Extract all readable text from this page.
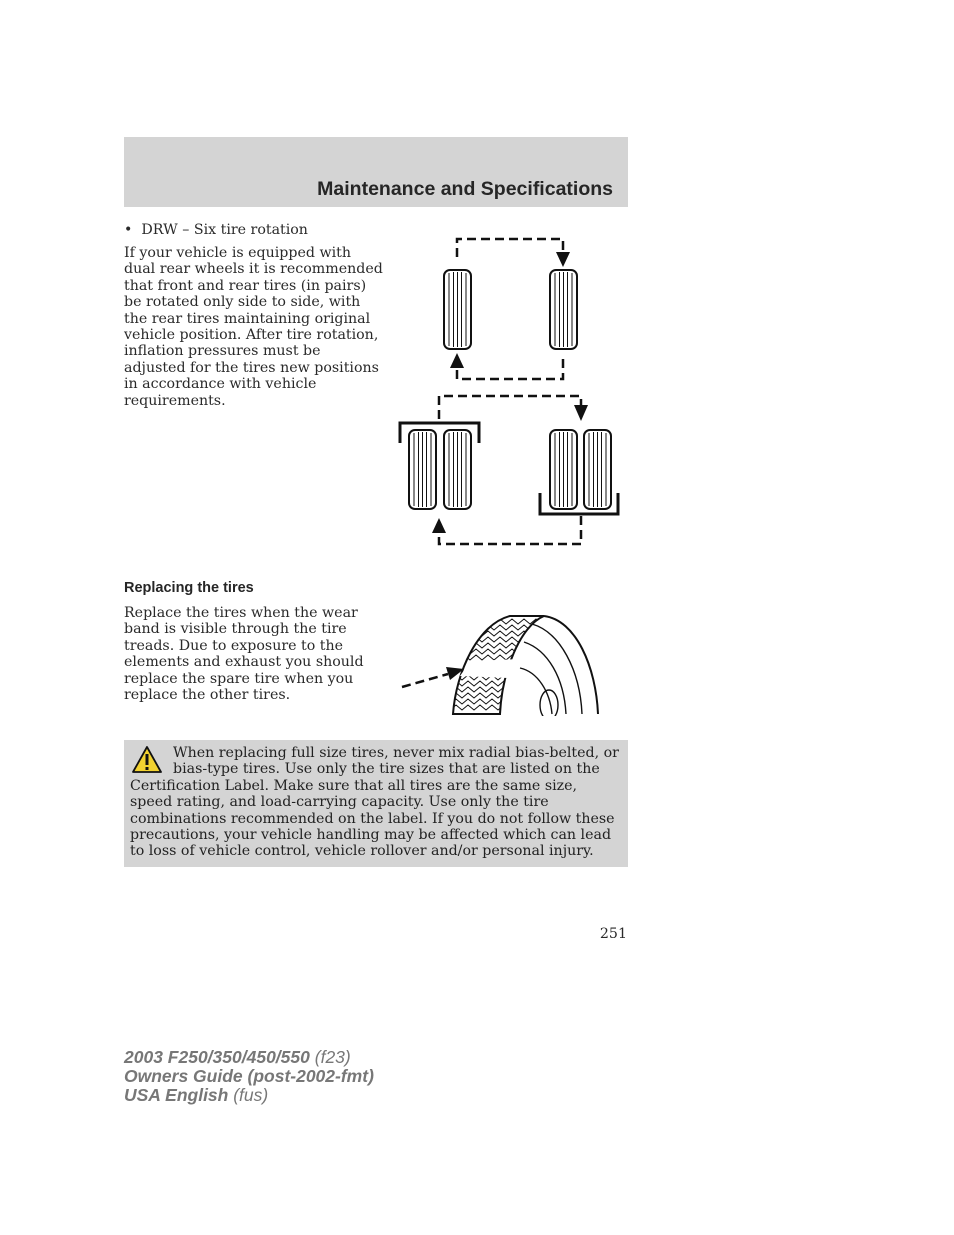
Maintenance and Specifications
• DRW – Six tire rotation

If your vehicle is equipped with dual rear wheels it is recommended that front and rear tires (in pairs) be rotated only side to side, with the rear tires maintaining original vehicle position. After tire rotation, inflation pressures must be adjusted for the tires new positions in accordance with vehicle requirements.

Replacing the tires

Replace the tires when the wear band is visible through the tire treads. Due to exposure to the elements and exhaust you should replace the spare tire when you replace the other tires.

When replacing full size tires, never mix radial bias-belted, or bias-type tires. Use only the tire sizes that are listed on the Certification Label. Make sure that all tires are the same size, speed rating, and load-carrying capacity. Use only the tire combinations recommended on the label. If you do not follow these precautions, your vehicle handling may be affected which can lead to loss of vehicle control, vehicle rollover and/or personal injury.

251
2003 F250/350/450/550 (f23)
Owners Guide (post-2002-fmt)
USA English (fus)
